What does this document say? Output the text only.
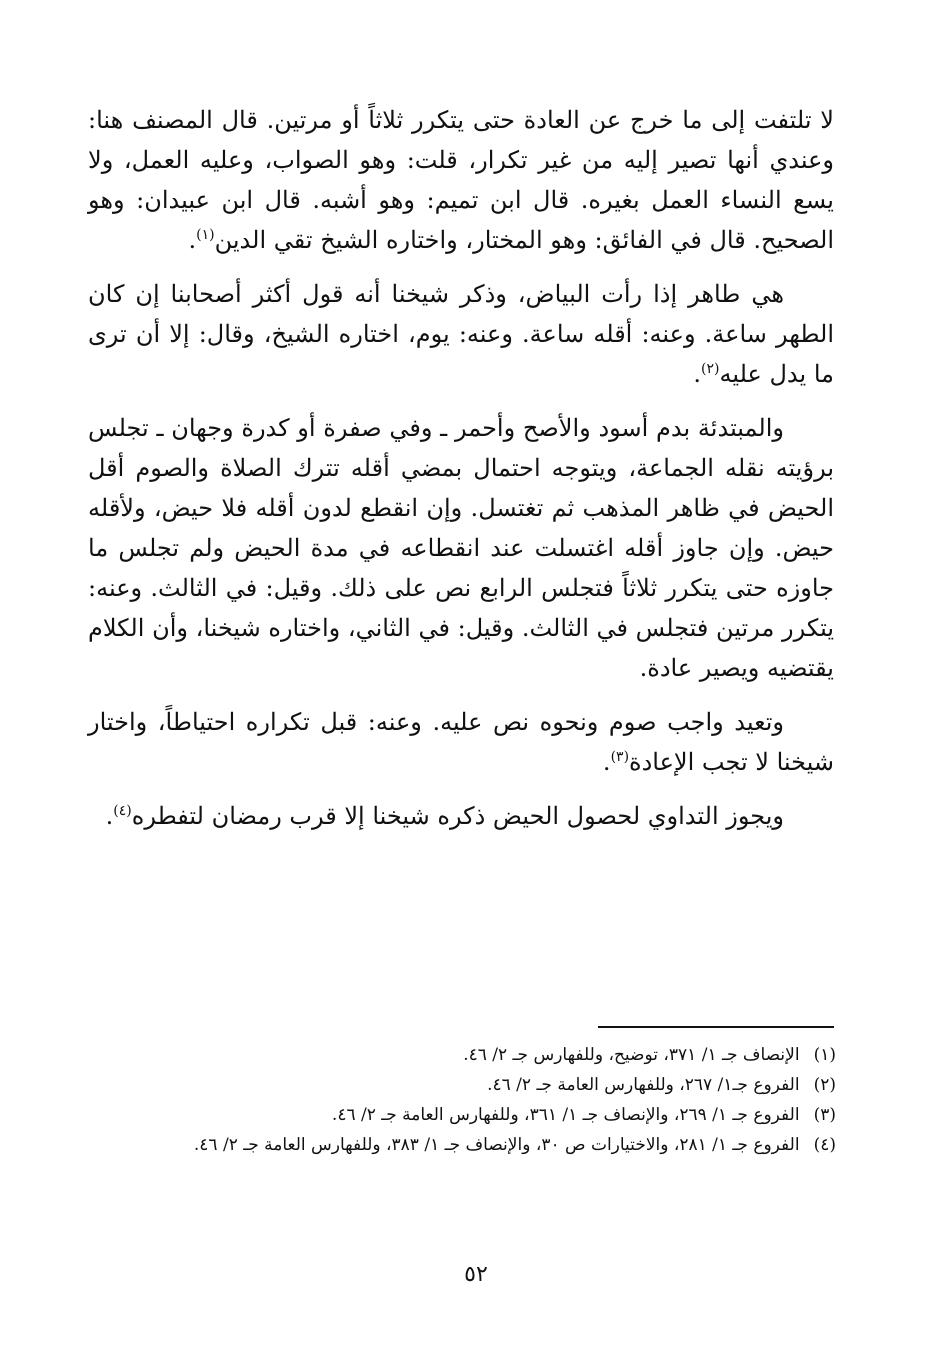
لا تلتفت إلى ما خرج عن العادة حتى يتكرر ثلاثاً أو مرتين. قال المصنف هنا: وعندي أنها تصير إليه من غير تكرار، قلت: وهو الصواب، وعليه العمل، ولا يسع النساء العمل بغيره. قال ابن تميم: وهو أشبه. قال ابن عبيدان: وهو الصحيح. قال في الفائق: وهو المختار، واختاره الشيخ تقي الدين$^{(١)}$.

هي طاهر إذا رأت البياض، وذكر شيخنا أنه قول أكثر أصحابنا إن كان الطهر ساعة. وعنه: أقله ساعة. وعنه: يوم، اختاره الشيخ، وقال: إلا أن ترى ما يدل عليه$^{(٢)}$.

والمبتدئة بدم أسود والأصح وأحمر ـ وفي صفرة أو كدرة وجهان ـ تجلس برؤيته نقله الجماعة، ويتوجه احتمال بمضي أقله تترك الصلاة والصوم أقل الحيض في ظاهر المذهب ثم تغتسل. وإن انقطع لدون أقله فلا حيض، ولأقله حيض. وإن جاوز أقله اغتسلت عند انقطاعه في مدة الحيض ولم تجلس ما جاوزه حتى يتكرر ثلاثاً فتجلس الرابع نص على ذلك. وقيل: في الثالث. وعنه: يتكرر مرتين فتجلس في الثالث. وقيل: في الثاني، واختاره شيخنا، وأن الكلام يقتضيه ويصير عادة.

وتعيد واجب صوم ونحوه نص عليه. وعنه: قبل تكراره احتياطاً، واختار شيخنا لا تجب الإعادة$^{(٣)}$.

ويجوز التداوي لحصول الحيض ذكره شيخنا إلا قرب رمضان لتفطره$^{(٤)}$.

(١)
الإنصاف جـ ١/ ٣٧١، توضيح، وللفهارس جـ ٢/ ٤٦.

(٢)
الفروع جـ١/ ٢٦٧، وللفهارس العامة جـ ٢/ ٤٦.

(٣)
الفروع جـ ١/ ٢٦٩، والإنصاف جـ ١/ ٣٦١، وللفهارس العامة جـ ٢/ ٤٦.

(٤)
الفروع جـ ١/ ٢٨١، والاختيارات ص ٣٠، والإنصاف جـ ١/ ٣٨٣، وللفهارس العامة جـ ٢/ ٤٦.

٥٢
